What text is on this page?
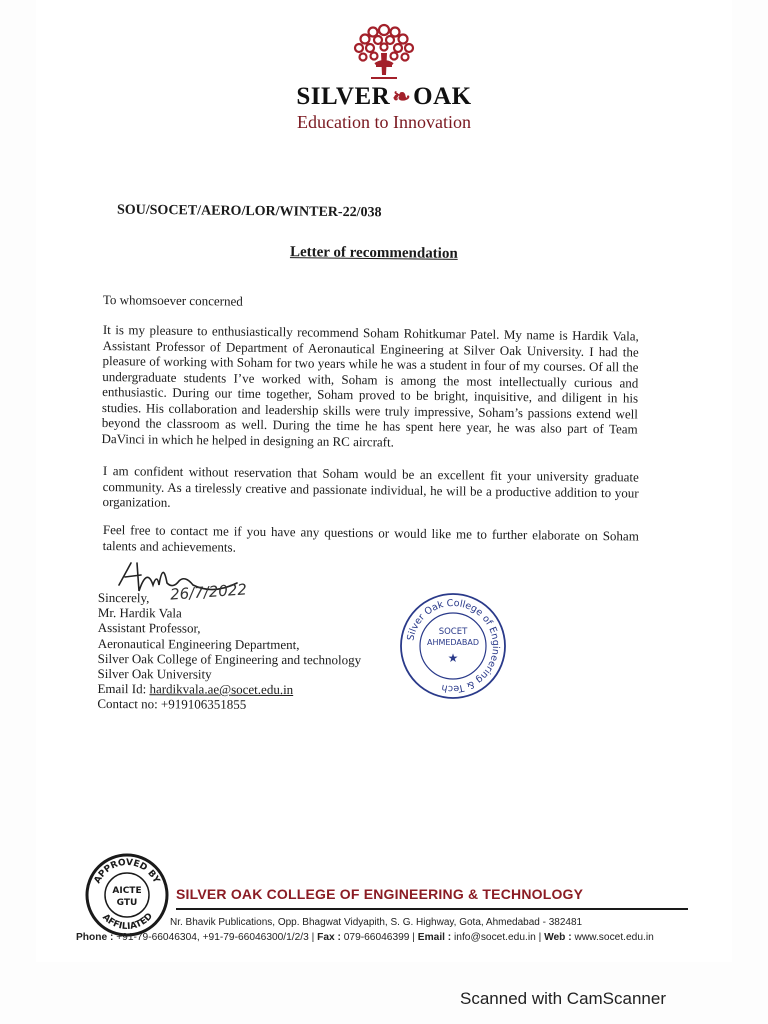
SILVER❧OAK
Education to Innovation
SOU/SOCET/AERO/LOR/WINTER-22/038
Letter of recommendation
To whomsoever concerned
It is my pleasure to enthusiastically recommend Soham Rohitkumar Patel. My name is Hardik Vala, Assistant Professor of Department of Aeronautical Engineering at Silver Oak University. I had the pleasure of working with Soham for two years while he was a student in four of my courses. Of all the undergraduate students I’ve worked with, Soham is among the most intellectually curious and enthusiastic. During our time together, Soham proved to be bright, inquisitive, and diligent in his studies. His collaboration and leadership skills were truly impressive, Soham’s passions extend well beyond the classroom as well. During the time he has spent here year, he was also part of Team DaVinci in which he helped in designing an RC aircraft.
I am confident without reservation that Soham would be an excellent fit your university graduate community. As a tirelessly creative and passionate individual, he will be a productive addition to your organization.
Feel free to contact me if you have any questions or would like me to further elaborate on Soham talents and achievements.
26/7/2022
Sincerely,
Mr. Hardik Vala
Assistant Professor,
Aeronautical Engineering Department,
Silver Oak College of Engineering and technology
Silver Oak University
Email Id: hardikvala.ae@socet.edu.in
Contact no: +919106351855
Silver Oak College of Engineering & Tech
SOCET
AHMEDABAD
★
APPROVED BY
AFFILIATED
AICTE
GTU
SILVER OAK COLLEGE OF ENGINEERING & TECHNOLOGY
Nr. Bhavik Publications, Opp. Bhagwat Vidyapith, S. G. Highway, Gota, Ahmedabad - 382481
Phone : +91-79-66046304, +91-79-66046300/1/2/3 | Fax : 079-66046399 | Email : info@socet.edu.in | Web : www.socet.edu.in
Scanned with CamScanner
